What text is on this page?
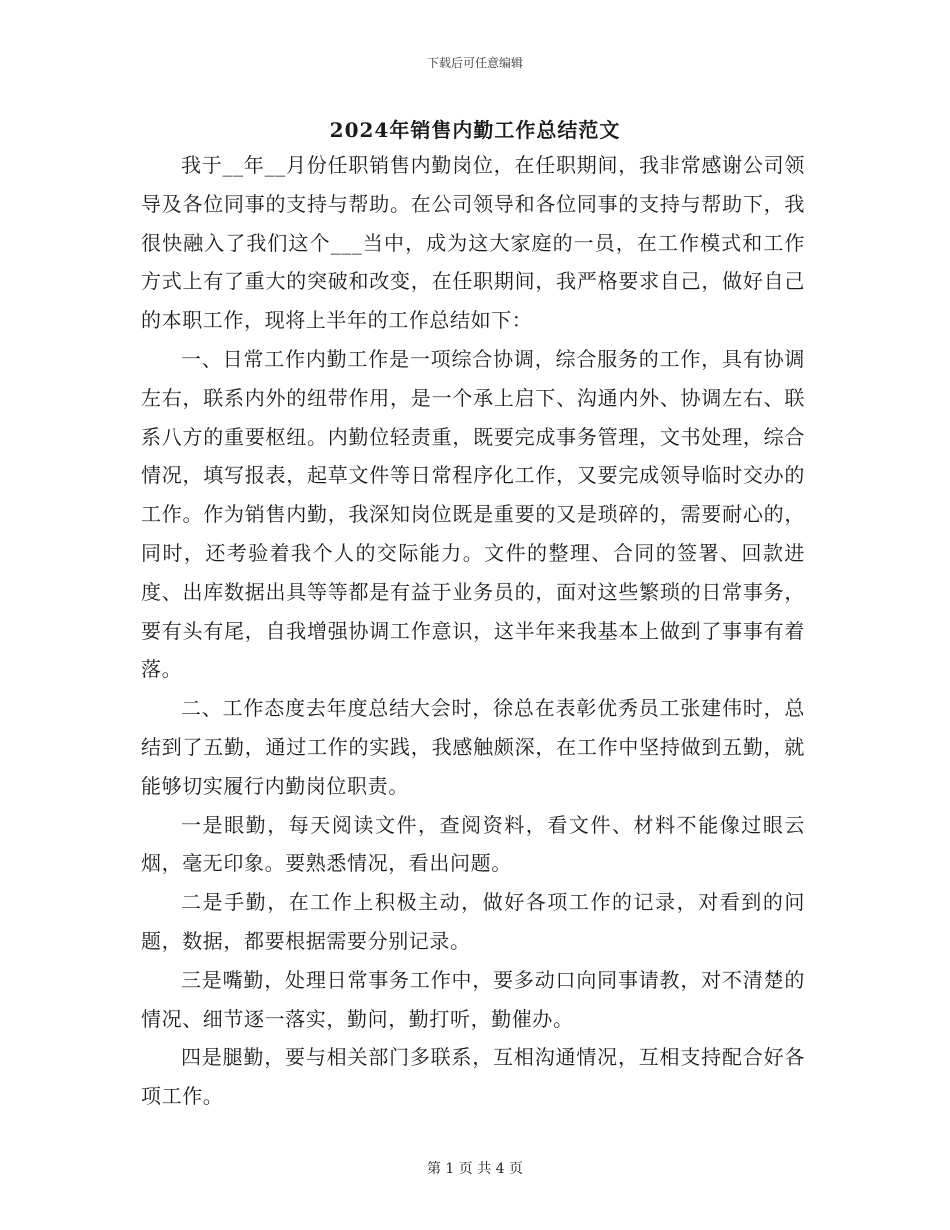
下载后可任意编辑
2024年销售内勤工作总结范文

我于__年__月份任职销售内勤岗位，在任职期间，我非常感谢公司领导及各位同事的支持与帮助。在公司领导和各位同事的支持与帮助下，我很快融入了我们这个___当中，成为这大家庭的一员，在工作模式和工作方式上有了重大的突破和改变，在任职期间，我严格要求自己，做好自己的本职工作，现将上半年的工作总结如下：

一、日常工作内勤工作是一项综合协调，综合服务的工作，具有协调左右，联系内外的纽带作用，是一个承上启下、沟通内外、协调左右、联系八方的重要枢纽。内勤位轻责重，既要完成事务管理，文书处理，综合情况，填写报表，起草文件等日常程序化工作，又要完成领导临时交办的工作。作为销售内勤，我深知岗位既是重要的又是琐碎的，需要耐心的，同时，还考验着我个人的交际能力。文件的整理、合同的签署、回款进度、出库数据出具等等都是有益于业务员的，面对这些繁琐的日常事务，要有头有尾，自我增强协调工作意识，这半年来我基本上做到了事事有着落。

二、工作态度去年度总结大会时，徐总在表彰优秀员工张建伟时，总结到了五勤，通过工作的实践，我感触颇深，在工作中坚持做到五勤，就能够切实履行内勤岗位职责。

一是眼勤，每天阅读文件，查阅资料，看文件、材料不能像过眼云烟，毫无印象。要熟悉情况，看出问题。

二是手勤，在工作上积极主动，做好各项工作的记录，对看到的问题，数据，都要根据需要分别记录。

三是嘴勤，处理日常事务工作中，要多动口向同事请教，对不清楚的情况、细节逐一落实，勤问，勤打听，勤催办。

四是腿勤，要与相关部门多联系，互相沟通情况，互相支持配合好各项工作。

第 1 页 共 4 页
